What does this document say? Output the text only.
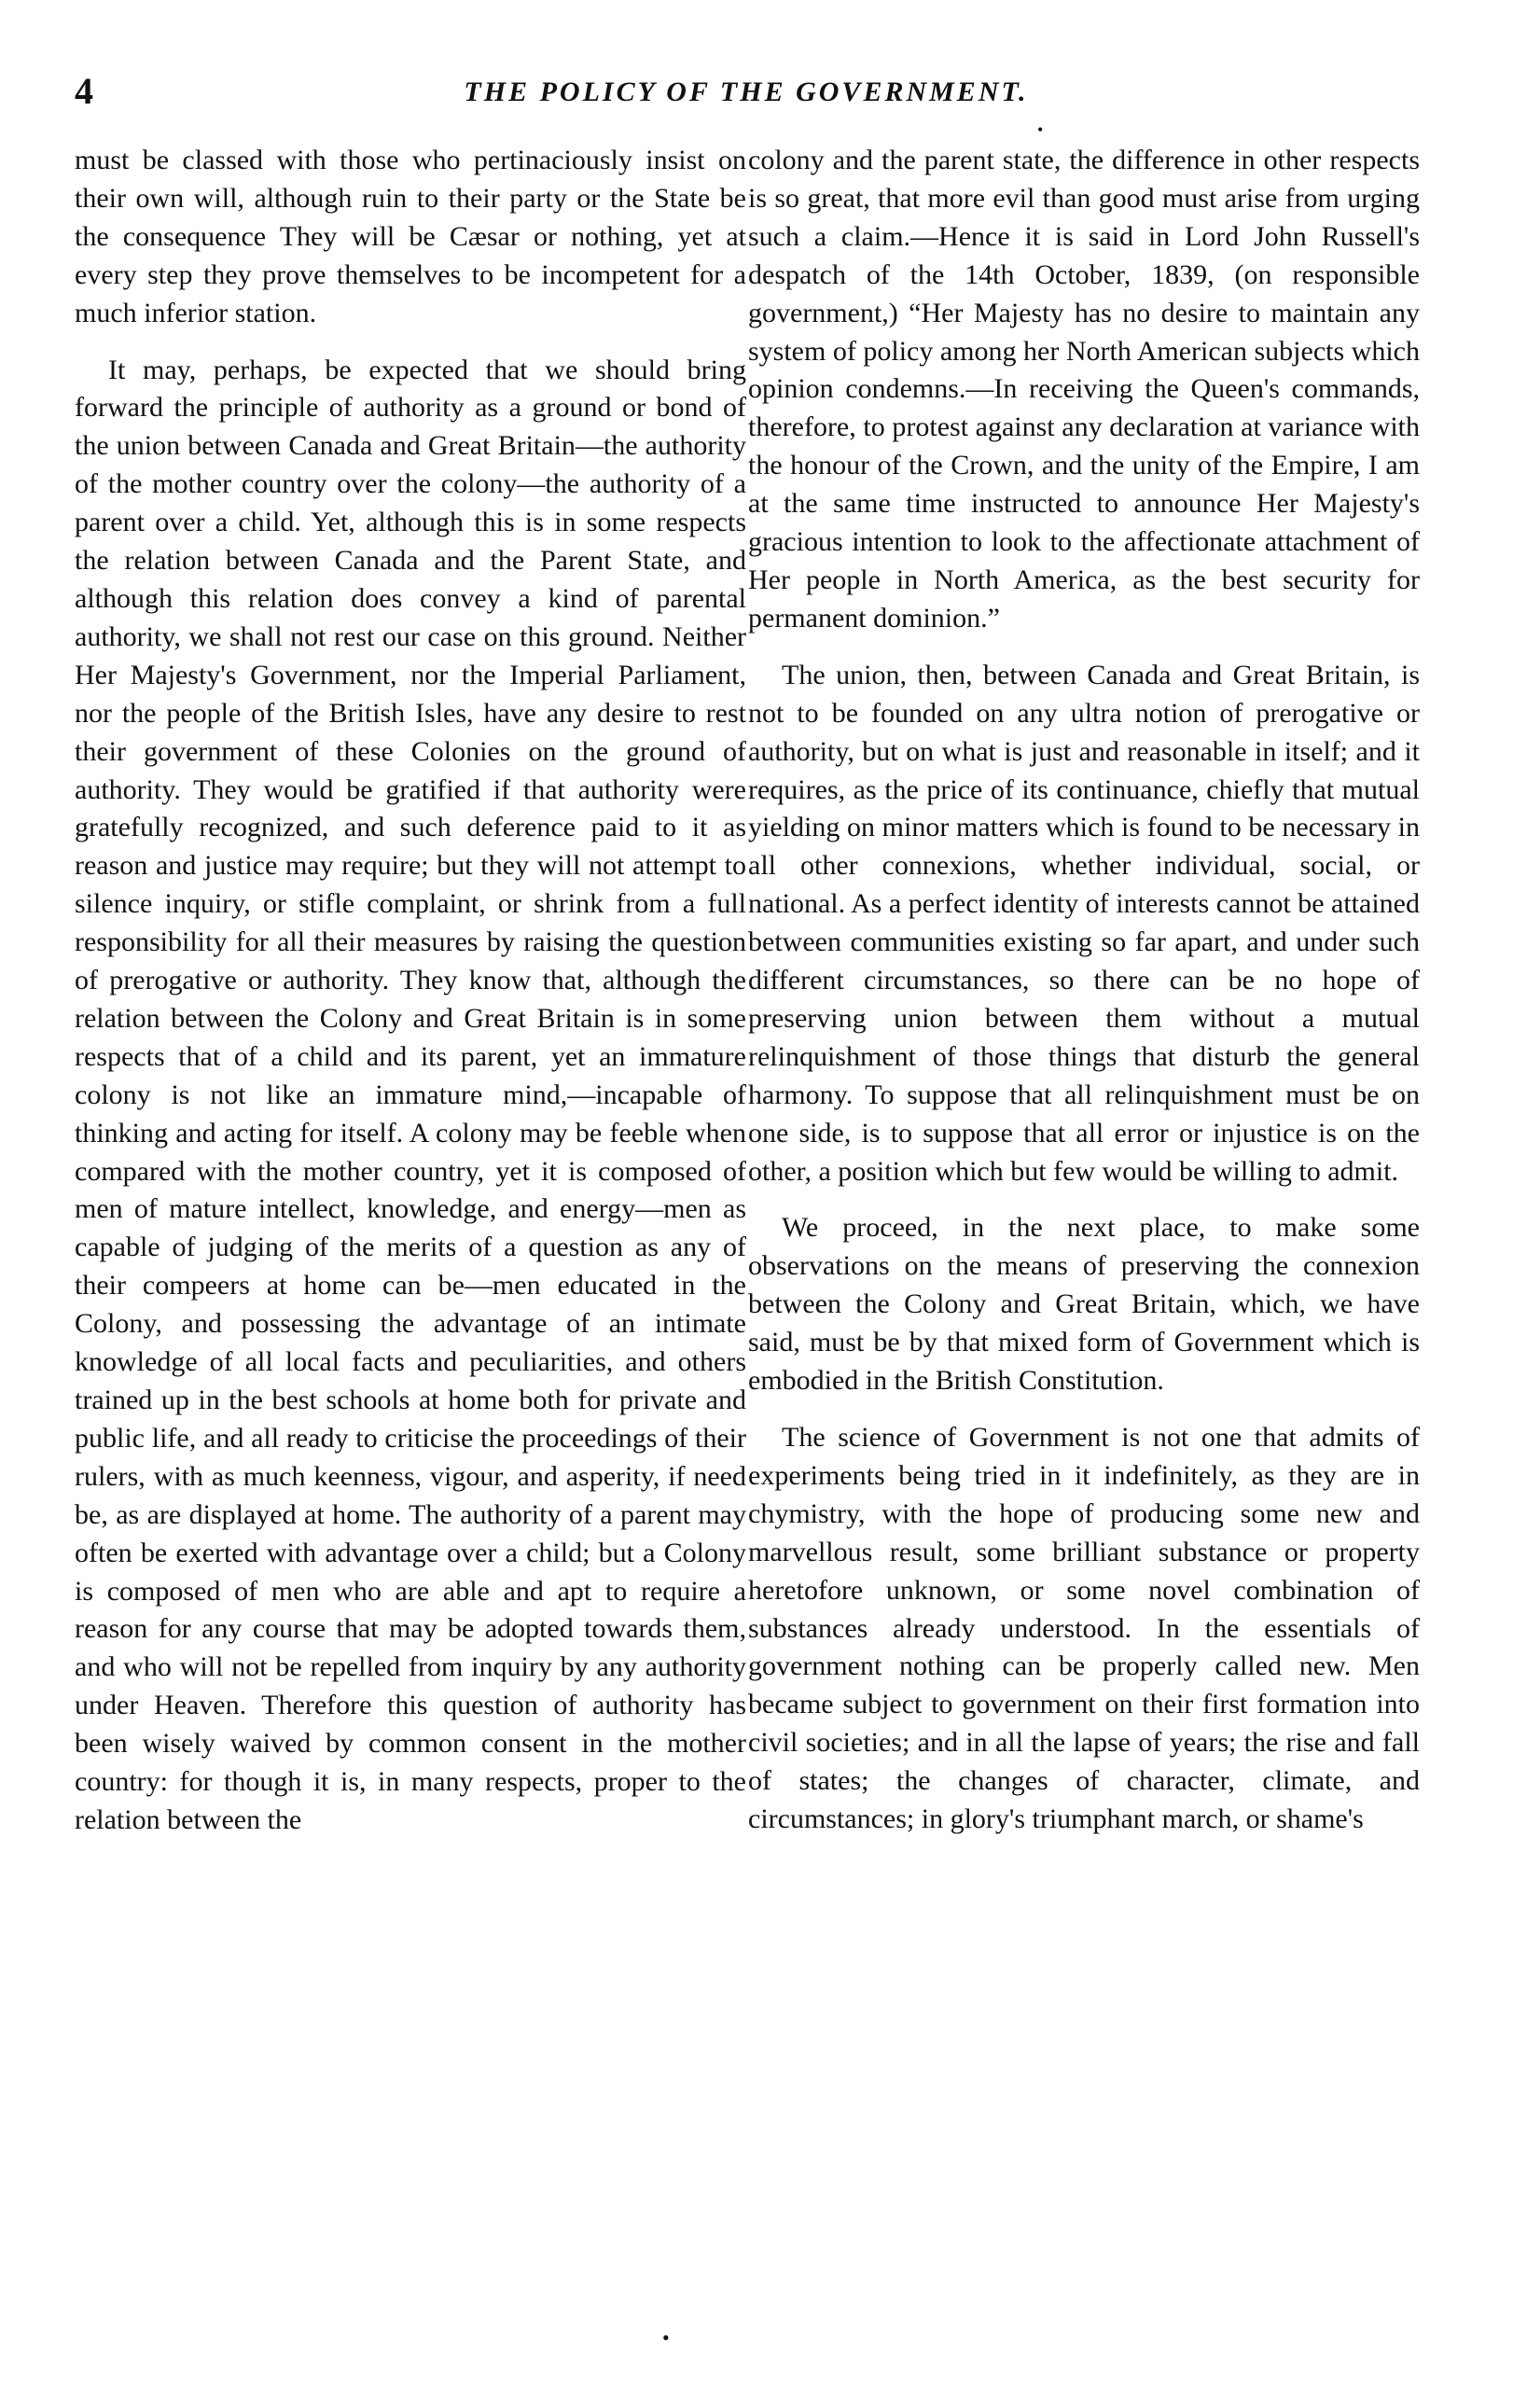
4	THE POLICY OF THE GOVERNMENT.
•

must be classed with those who pertinaciously insist on their own will, although ruin to their party or the State be the consequence They will be Cæsar or nothing, yet at every step they prove themselves to be incompetent for a much inferior station.

It may, perhaps, be expected that we should bring forward the principle of authority as a ground or bond of the union between Canada and Great Britain—the authority of the mother country over the colony—the authority of a parent over a child. Yet, although this is in some respects the relation between Canada and the Parent State, and although this relation does convey a kind of parental authority, we shall not rest our case on this ground. Neither Her Majesty's Government, nor the Imperial Parliament, nor the people of the British Isles, have any desire to rest their government of these Colonies on the ground of authority. They would be gratified if that authority were gratefully recognized, and such deference paid to it as reason and justice may require; but they will not attempt to silence inquiry, or stifle complaint, or shrink from a full responsibility for all their measures by raising the question of prerogative or authority. They know that, although the relation between the Colony and Great Britain is in some respects that of a child and its parent, yet an immature colony is not like an immature mind,—incapable of thinking and acting for itself. A colony may be feeble when compared with the mother country, yet it is composed of men of mature intellect, knowledge, and energy—men as capable of judging of the merits of a question as any of their compeers at home can be—men educated in the Colony, and possessing the advantage of an intimate knowledge of all local facts and peculiarities, and others trained up in the best schools at home both for private and public life, and all ready to criticise the proceedings of their rulers, with as much keenness, vigour, and asperity, if need be, as are displayed at home. The authority of a parent may often be exerted with advantage over a child; but a Colony is composed of men who are able and apt to require a reason for any course that may be adopted towards them, and who will not be repelled from inquiry by any authority under Heaven. Therefore this question of authority has been wisely waived by common consent in the mother country: for though it is, in many respects, proper to the relation between the

colony and the parent state, the difference in other respects is so great, that more evil than good must arise from urging such a claim.—Hence it is said in Lord John Russell's despatch of the 14th October, 1839, (on responsible government,) “Her Majesty has no desire to maintain any system of policy among her North American subjects which opinion condemns.—In receiving the Queen's commands, therefore, to protest against any declaration at variance with the honour of the Crown, and the unity of the Empire, I am at the same time instructed to announce Her Majesty's gracious intention to look to the affectionate attachment of Her people in North America, as the best security for permanent dominion.”

The union, then, between Canada and Great Britain, is not to be founded on any ultra notion of prerogative or authority, but on what is just and reasonable in itself; and it requires, as the price of its continuance, chiefly that mutual yielding on minor matters which is found to be necessary in all other connexions, whether individual, social, or national. As a perfect identity of interests cannot be attained between communities existing so far apart, and under such different circumstances, so there can be no hope of preserving union between them without a mutual relinquishment of those things that disturb the general harmony. To suppose that all relinquishment must be on one side, is to suppose that all error or injustice is on the other, a position which but few would be willing to admit.

We proceed, in the next place, to make some observations on the means of preserving the connexion between the Colony and Great Britain, which, we have said, must be by that mixed form of Government which is embodied in the British Constitution.

The science of Government is not one that admits of experiments being tried in it indefinitely, as they are in chymistry, with the hope of producing some new and marvellous result, some brilliant substance or property heretofore unknown, or some novel combination of substances already understood. In the essentials of government nothing can be properly called new. Men became subject to government on their first formation into civil societies; and in all the lapse of years; the rise and fall of states; the changes of character, climate, and circumstances; in glory's triumphant march, or shame's

•
